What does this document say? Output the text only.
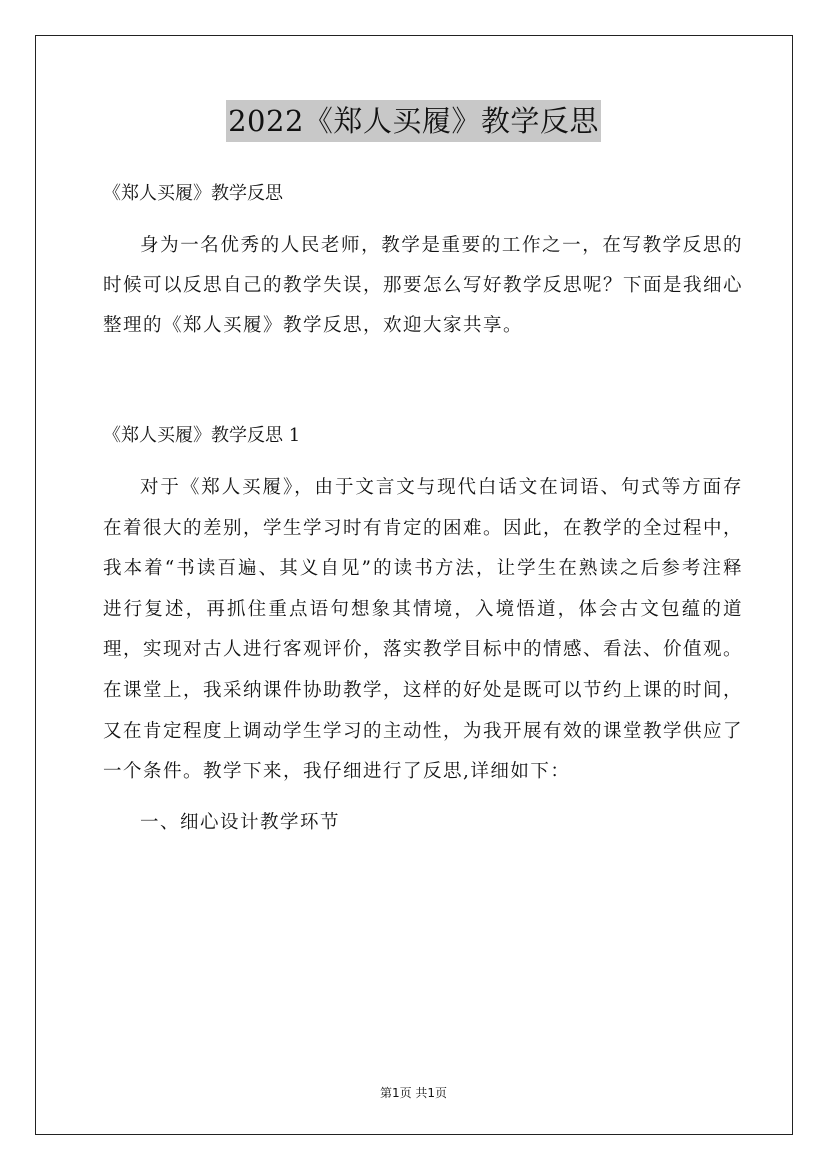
2022《郑人买履》教学反思

《郑人买履》教学反思

身为一名优秀的人民老师，教学是重要的工作之一，在写教学反思的时候可以反思自己的教学失误，那要怎么写好教学反思呢？下面是我细心整理的《郑人买履》教学反思，欢迎大家共享。

《郑人买履》教学反思 1

对于《郑人买履》，由于文言文与现代白话文在词语、句式等方面存在着很大的差别，学生学习时有肯定的困难。因此，在教学的全过程中，我本着“书读百遍、其义自见”的读书方法，让学生在熟读之后参考注释进行复述，再抓住重点语句想象其情境，入境悟道，体会古文包蕴的道理，实现对古人进行客观评价，落实教学目标中的情感、看法、价值观。在课堂上，我采纳课件协助教学，这样的好处是既可以节约上课的时间，又在肯定程度上调动学生学习的主动性，为我开展有效的课堂教学供应了一个条件。教学下来，我仔细进行了反思,详细如下：

一、细心设计教学环节

第1页 共1页
